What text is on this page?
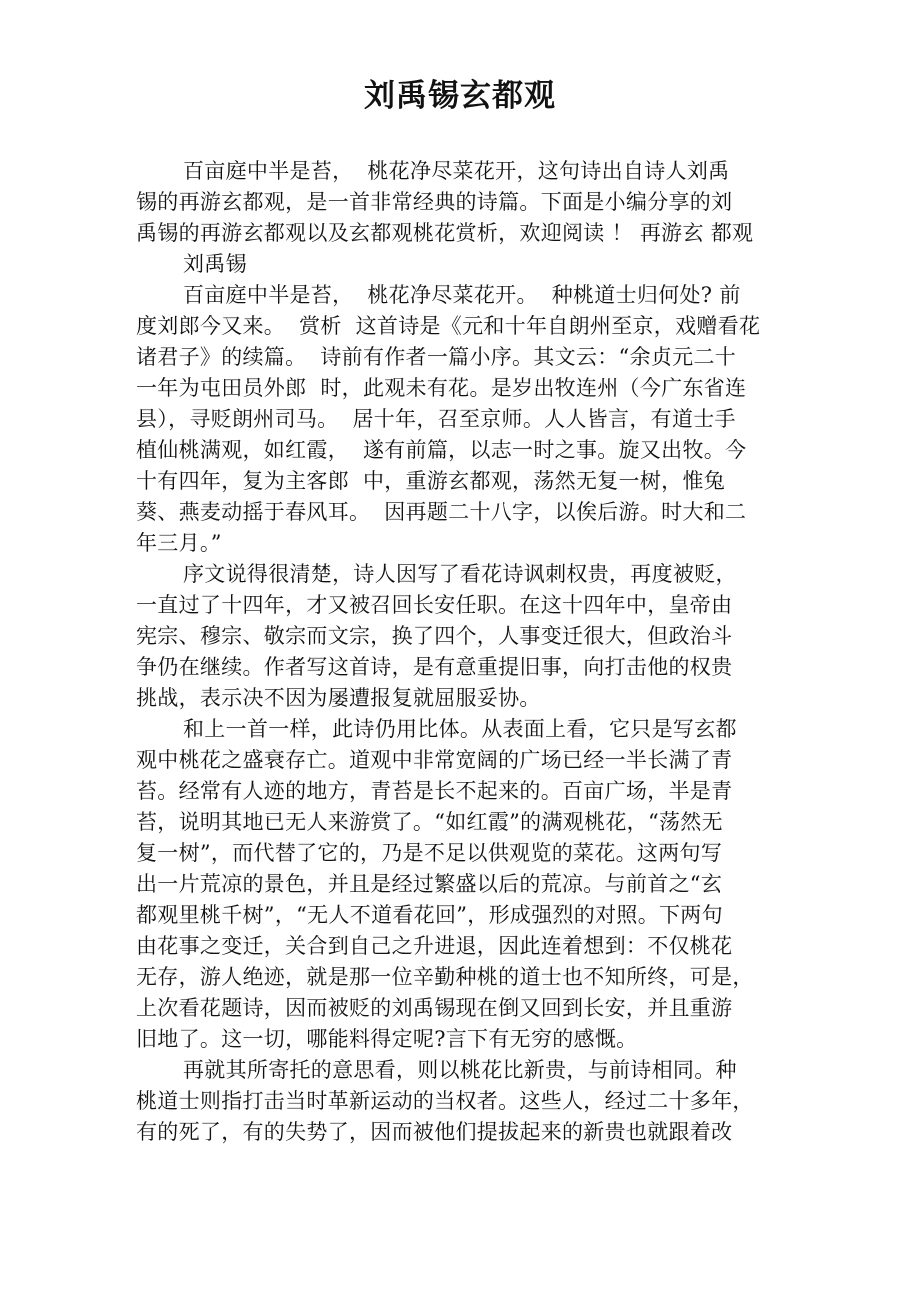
刘禹锡玄都观
百亩庭中半是苔，  桃花净尽菜花开，这句诗出自诗人刘禹
锡的再游玄都观，是一首非常经典的诗篇。下面是小编分享的刘
禹锡的再游玄都观以及玄都观桃花赏析，欢迎阅读 ！ 再游玄 都观
刘禹锡
百亩庭中半是苔，  桃花净尽菜花开。  种桃道士归何处? 前
度刘郎今又来。  赏析  这首诗是《元和十年自朗州至京，戏赠看花
诸君子》的续篇。  诗前有作者一篇小序。其文云：“余贞元二十
一年为屯田员外郎  时，此观未有花。是岁出牧连州（今广东省连
县），寻贬朗州司马。  居十年，召至京师。人人皆言，有道士手
植仙桃满观，如红霞，  遂有前篇，以志一时之事。旋又出牧。今
十有四年，复为主客郎  中，重游玄都观，荡然无复一树，惟兔
葵、燕麦动摇于春风耳。  因再题二十八字，以俟后游。时大和二
年三月。”
序文说得很清楚，诗人因写了看花诗讽刺权贵，再度被贬，
一直过了十四年，才又被召回长安任职。在这十四年中，皇帝由
宪宗、穆宗、敬宗而文宗，换了四个，人事变迁很大，但政治斗
争仍在继续。作者写这首诗，是有意重提旧事，向打击他的权贵
挑战，表示决不因为屡遭报复就屈服妥协。
和上一首一样，此诗仍用比体。从表面上看，它只是写玄都
观中桃花之盛衰存亡。道观中非常宽阔的广场已经一半长满了青
苔。经常有人迹的地方，青苔是长不起来的。百亩广场，半是青
苔，说明其地已无人来游赏了。“如红霞”的满观桃花，“荡然无
复一树”，而代替了它的，乃是不足以供观览的菜花。这两句写
出一片荒凉的景色，并且是经过繁盛以后的荒凉。与前首之“玄
都观里桃千树”，“无人不道看花回”，形成强烈的对照。下两句
由花事之变迁，关合到自己之升进退，因此连着想到：不仅桃花
无存，游人绝迹，就是那一位辛勤种桃的道士也不知所终，可是，
上次看花题诗，因而被贬的刘禹锡现在倒又回到长安，并且重游
旧地了。这一切，哪能料得定呢?言下有无穷的感慨。
再就其所寄托的意思看，则以桃花比新贵，与前诗相同。种
桃道士则指打击当时革新运动的当权者。这些人，经过二十多年，
有的死了，有的失势了，因而被他们提拔起来的新贵也就跟着改
